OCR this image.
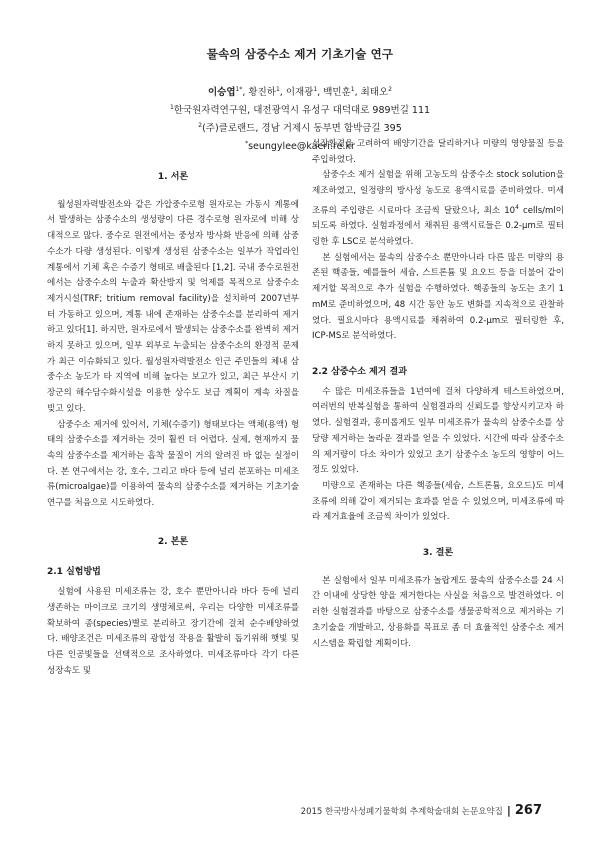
물속의 삼중수소 제거 기초기술 연구
이승엽$^{1*}$, 황진하$^1$, 이재광$^1$, 백민훈$^1$, 최태오$^2$
$^1$한국원자력연구원, 대전광역시 유성구 대덕대로 989번길 111
$^2$(주)클로랜드, 경남 거제시 동부면 함박금길 395
*seungylee@kaeri.re.kr
1. 서론

월성원자력발전소와 같은 가압중수로형 원자로는 가동시 계통에서 발생하는 삼중수소의 생성량이 다른 경수로형 원자로에 비해 상대적으로 많다. 중수로 원전에서는 중성자 방사화 반응에 의해 삼중수소가 다량 생성된다. 이렇게 생성된 삼중수소는 일부가 작업라인 계통에서 기체 혹은 수증기 형태로 배출된다 [1,2]. 국내 중수로원전에서는 삼중수소의 누출과 확산방지 및 억제를 목적으로 삼중수소 제거시설(TRF; tritium removal facility)을 설치하여 2007년부터 가동하고 있으며, 계통 내에 존재하는 삼중수소를 분리하여 제거하고 있다[1]. 하지만, 원자로에서 발생되는 삼중수소를 완벽히 제거하지 못하고 있으며, 일부 외부로 누출되는 삼중수소의 환경적 문제가 최근 이슈화되고 있다. 월성원자력발전소 인근 주민들의 체내 삼중수소 농도가 타 지역에 비해 높다는 보고가 있고, 최근 부산시 기장군의 해수담수화시설을 이용한 상수도 보급 계획이 계속 차질을 빚고 있다.

삼중수소 제거에 있어서, 기체(수증기) 형태보다는 액체(용액) 형태의 삼중수소를 제거하는 것이 훨씬 더 어렵다. 실제, 현재까지 물속의 삼중수소를 제거하는 흡착 물질이 거의 알려진 바 없는 실정이다. 본 연구에서는 강, 호수, 그리고 바다 등에 널리 분포하는 미세조류(microalgae)를 이용하여 물속의 삼중수소를 제거하는 기초기술 연구를 처음으로 시도하였다.

2. 본론
2.1 실험방법

실험에 사용된 미세조류는 강, 호수 뿐만아니라 바다 등에 널리 생존하는 마이크로 크기의 생명체로써, 우리는 다양한 미세조류를 확보하여 종(species)별로 분리하고 장기간에 걸쳐 순수배양하였다. 배양조건은 미세조류의 광합성 작용을 활발히 돕기위해 햇빛 및 다른 인공빛들을 선택적으로 조사하였다. 미세조류마다 각기 다른 성장속도 및

성장환경을 고려하여 배양기간을 달리하거나 미량의 영양물질 등을 주입하였다.

삼중수소 제거 실험을 위해 고농도의 삼중수소 stock solution을 제조하였고, 일정량의 방사성 농도로 용액시료를 준비하였다. 미세조류의 주입량은 시료마다 조금씩 달랐으나, 최소 $10^4$ cells/ml이 되도록 하였다. 실험과정에서 채취된 용액시료들은 0.2-μm로 필터링한 후 LSC로 분석하였다.

본 실험에서는 물속의 삼중수소 뿐만아니라 다른 많은 미량의 용존된 핵종들, 예를들어 세슘, 스트론튬 및 요오드 등을 더불어 같이 제거할 목적으로 추가 실험을 수행하였다. 핵종들의 농도는 초기 1 mM로 준비하였으며, 48 시간 동안 농도 변화를 지속적으로 관찰하였다. 필요시마다 용액시료를 채취하여 0.2-μm로 필터링한 후, ICP-MS로 분석하였다.

2.2 삼중수소 제거 결과

수 많은 미세조류들을 1년여에 걸처 다양하게 테스트하였으며, 여러번의 반복실험을 통하여 실험결과의 신뢰도를 향상시키고자 하였다. 실험결과, 흥미롭게도 일부 미세조류가 물속의 삼중수소를 상당량 제거하는 놀라운 결과를 얻을 수 있었다. 시간에 따라 삼중수소의 제거량이 다소 차이가 있었고 초기 삼중수소 농도의 영향이 어느정도 있었다.

미량으로 존재하는 다른 핵종들(세슘, 스트론튬, 요오드)도 미세조류에 의해 같이 제거되는 효과를 얻을 수 있었으며, 미세조류에 따라 제거효율에 조금씩 차이가 있었다.

3. 결론

본 실험에서 일부 미세조류가 놀랍게도 물속의 삼중수소를 24 시간 이내에 상당한 양을 제거한다는 사실을 처음으로 발견하였다. 이러한 실험결과를 바탕으로 삼중수소를 생물공학적으로 제거하는 기초기술을 개발하고, 상용화를 목표로 좀 더 효율적인 삼중수소 제거 시스템을 확립할 계획이다.

2015 한국방사성폐기물학회 추계학술대회 논문요약집 | 267
